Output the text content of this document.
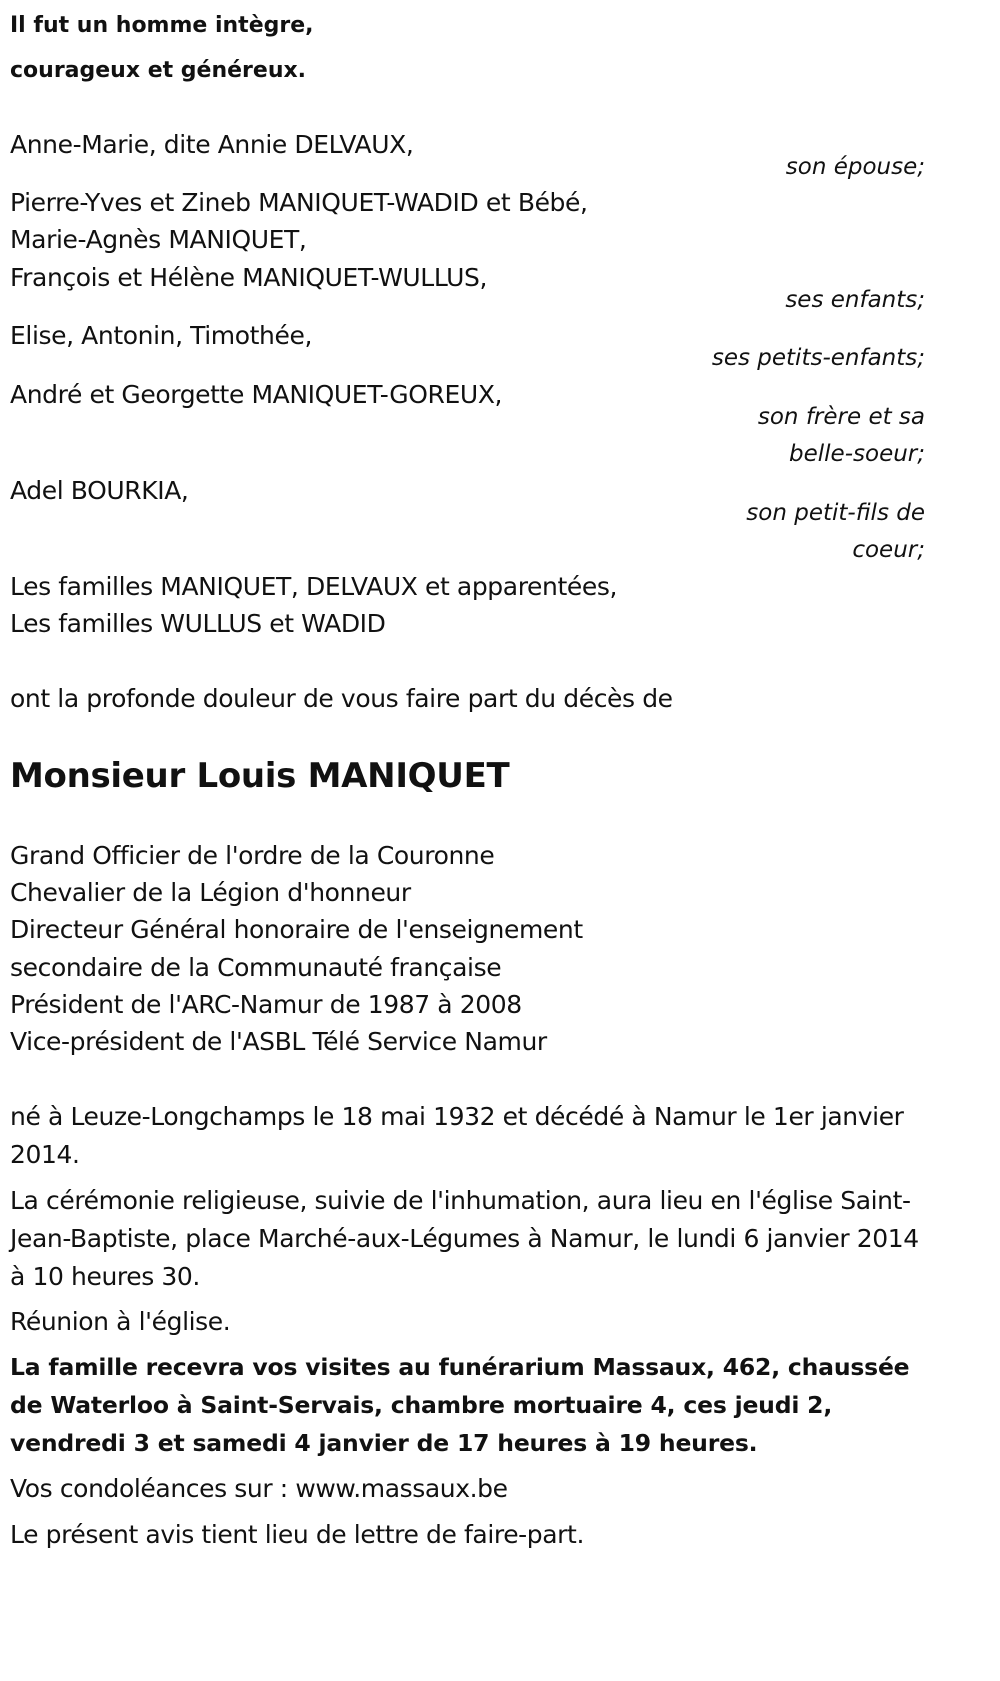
Il fut un homme intègre,
courageux et généreux.
Anne-Marie, dite Annie DELVAUX,
son épouse;
Pierre-Yves et Zineb MANIQUET-WADID et Bébé,
Marie-Agnès MANIQUET,
François et Hélène MANIQUET-WULLUS,
ses enfants;
Elise, Antonin, Timothée,
ses petits-enfants;
André et Georgette MANIQUET-GOREUX,
son frère et sa
belle-soeur;
Adel BOURKIA,
son petit-fils de
coeur;
Les familles MANIQUET, DELVAUX et apparentées,
Les familles WULLUS et WADID
ont la profonde douleur de vous faire part du décès de
Monsieur Louis MANIQUET
Grand Officier de l'ordre de la Couronne
Chevalier de la Légion d'honneur
Directeur Général honoraire de l'enseignement
secondaire de la Communauté française
Président de l'ARC-Namur de 1987 à 2008
Vice-président de l'ASBL Télé Service Namur
né à Leuze-Longchamps le 18 mai 1932 et décédé à Namur le 1er janvier 2014.
La cérémonie religieuse, suivie de l'inhumation, aura lieu en l'église Saint-Jean-Baptiste, place Marché-aux-Légumes à Namur, le lundi 6 janvier 2014 à 10 heures 30.
Réunion à l'église.
La famille recevra vos visites au funérarium Massaux, 462, chaussée de Waterloo à Saint-Servais, chambre mortuaire 4, ces jeudi 2, vendredi 3 et samedi 4 janvier de 17 heures à 19 heures.
Vos condoléances sur : www.massaux.be
Le présent avis tient lieu de lettre de faire-part.
